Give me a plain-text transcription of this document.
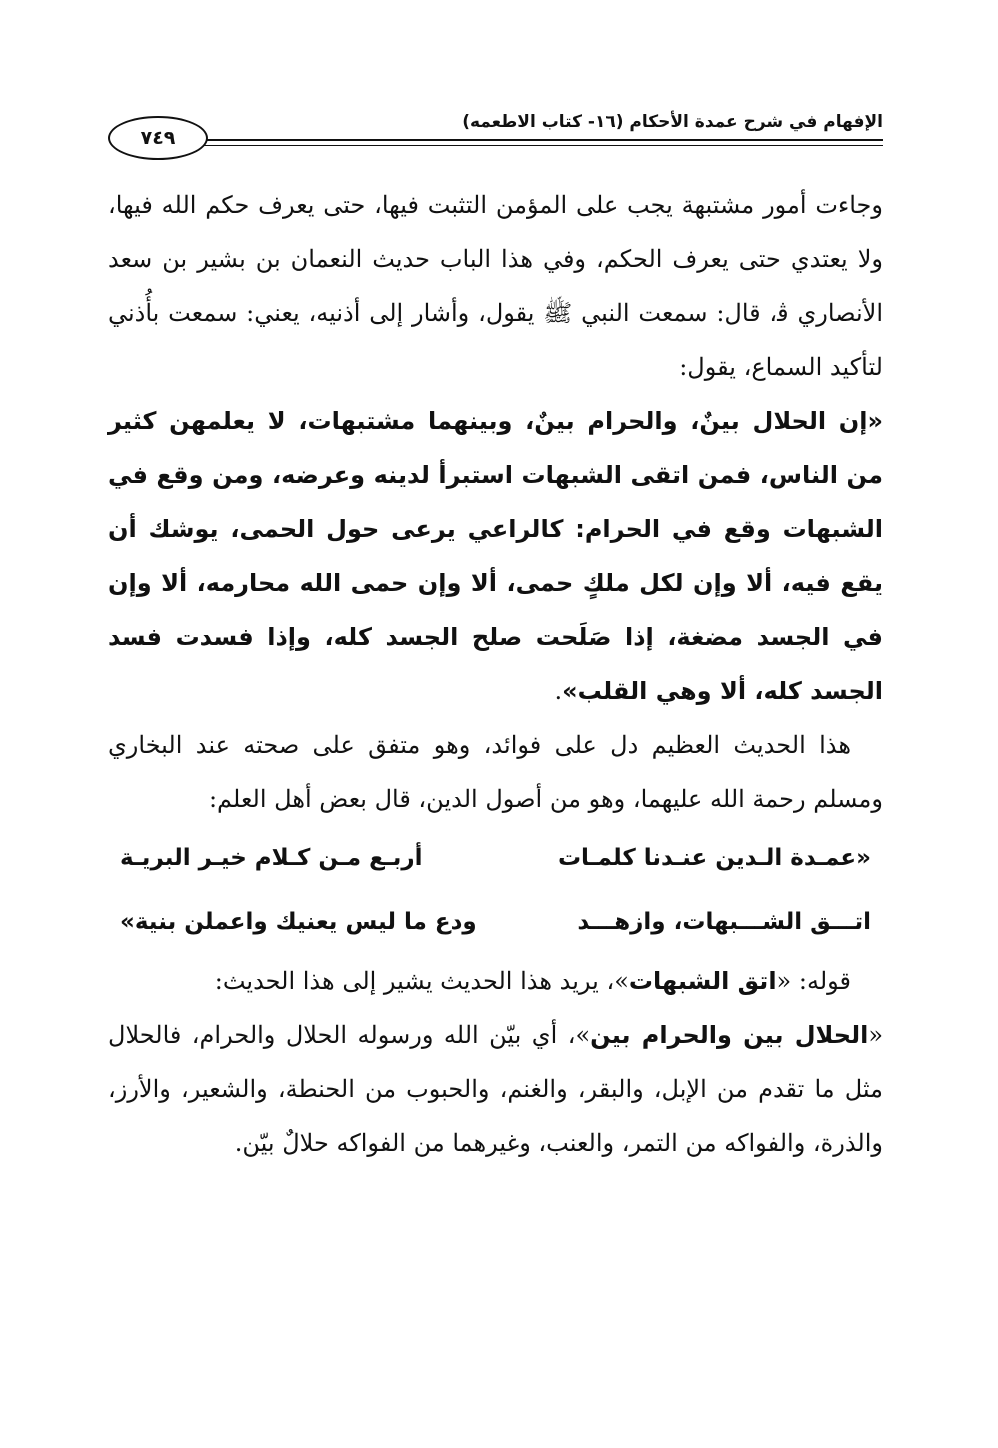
٧٤٩
الإفهام في شرح عمدة الأحكام (١٦- كتاب الاطعمه)

وجاءت أمور مشتبهة يجب على المؤمن التثبت فيها، حتى يعرف حكم الله فيها، ولا يعتدي حتى يعرف الحكم، وفي هذا الباب حديث النعمان بن بشير بن سعد الأنصاري ﭬ، قال: سمعت النبي ﷺ يقول، وأشار إلى أذنيه، يعني: سمعت بأُذني لتأكيد السماع، يقول:

«إن الحلال بينٌ، والحرام بينٌ، وبينهما مشتبهات، لا يعلمهن كثير من الناس، فمن اتقى الشبهات استبرأ لدينه وعرضه، ومن وقع في الشبهات وقع في الحرام: كالراعي يرعى حول الحمى، يوشك أن يقع فيه، ألا وإن لكل ملكٍ حمى، ألا وإن حمى الله محارمه، ألا وإن في الجسد مضغة، إذا صَلَحت صلح الجسد كله، وإذا فسدت فسد الجسد كله، ألا وهي القلب».

هذا الحديث العظيم دل على فوائد، وهو متفق على صحته عند البخاري ومسلم رحمة الله عليهما، وهو من أصول الدين، قال بعض أهل العلم:

«عمـدة الـدين عنـدنا كلمـات
أربـع مـن كـلام خيـر البريـة
اتـــق الشـــبهات، وازهـــد
ودع ما ليس يعنيك واعملن بنية»

قوله: «اتق الشبهات»، يريد هذا الحديث يشير إلى هذا الحديث:

«الحلال بين والحرام بين»، أي بيّن الله ورسوله الحلال والحرام، فالحلال مثل ما تقدم من الإبل، والبقر، والغنم، والحبوب من الحنطة، والشعير، والأرز، والذرة، والفواكه من التمر، والعنب، وغيرهما من الفواكه حلالٌ بيّن.
